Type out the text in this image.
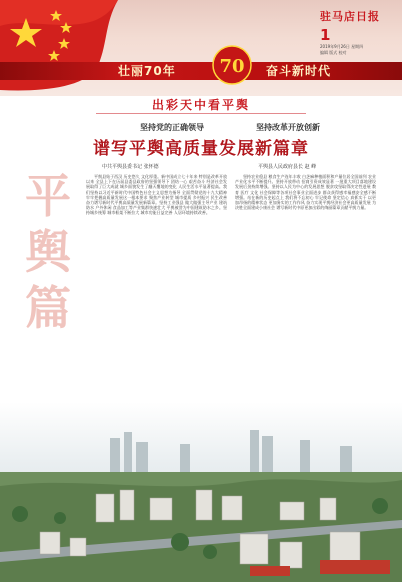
壮丽70年 70 奋斗新时代
驻马店日报
1
2019年9月26日 星期四
编辑 版式 校对
出彩天中看平舆
坚持党的正确领导	坚持改革开放创新
谱写平舆高质量发展新篇章
中共平舆县委书记 张怀德	平舆县人民政府县长 赵 峰
平
舆
篇

平舆县始于西汉 历史悠久 文化厚重。新中国成立七十年来 特别是改革开放以来 全县上下在历届县委县政府的坚强领导下 团结一心 艰苦奋斗 经济社会发展取得了巨大成就 城乡面貌发生了翻天覆地的变化 人民生活水平显著提高。我们坚持以习近平新时代中国特色社会主义思想为指导 全面贯彻党的十九大精神 牢牢把握高质量发展这一根本要求 聚焦产业转型 城市提质 乡村振兴 民生改善 奋力谱写新时代平舆高质量发展新篇章。坚持工业强县 做大做强主导产业 建筑防水 户外休闲 食品加工等产业集群快速壮大 平舆被誉为中国建筑防水之乡。坚持城乡统筹 城市框架不断拉大 城市功能日益完善 人居环境持续改善。

坚持农业稳县 粮食生产连年丰收 白芝麻种植面积和产量位居全国前列 农业产业化水平不断提升。坚持开放带动 招商引资成效显著 一批重大项目落地建设 发展后劲持续增强。坚持以人民为中心的发展思想 脱贫攻坚取得决定性进展 教育 医疗 文化 社会保障等各项社会事业全面进步 群众获得感幸福感安全感不断增强。站在新的历史起点上 我们将不忘初心 牢记使命 坚定信心 真抓实干 以更加昂扬的精神状态 更加务实的工作作风 奋力实现平舆经济社会更高质量发展 为决胜全面建成小康社会 谱写新时代中原更加出彩的绚丽篇章贡献平舆力量。
